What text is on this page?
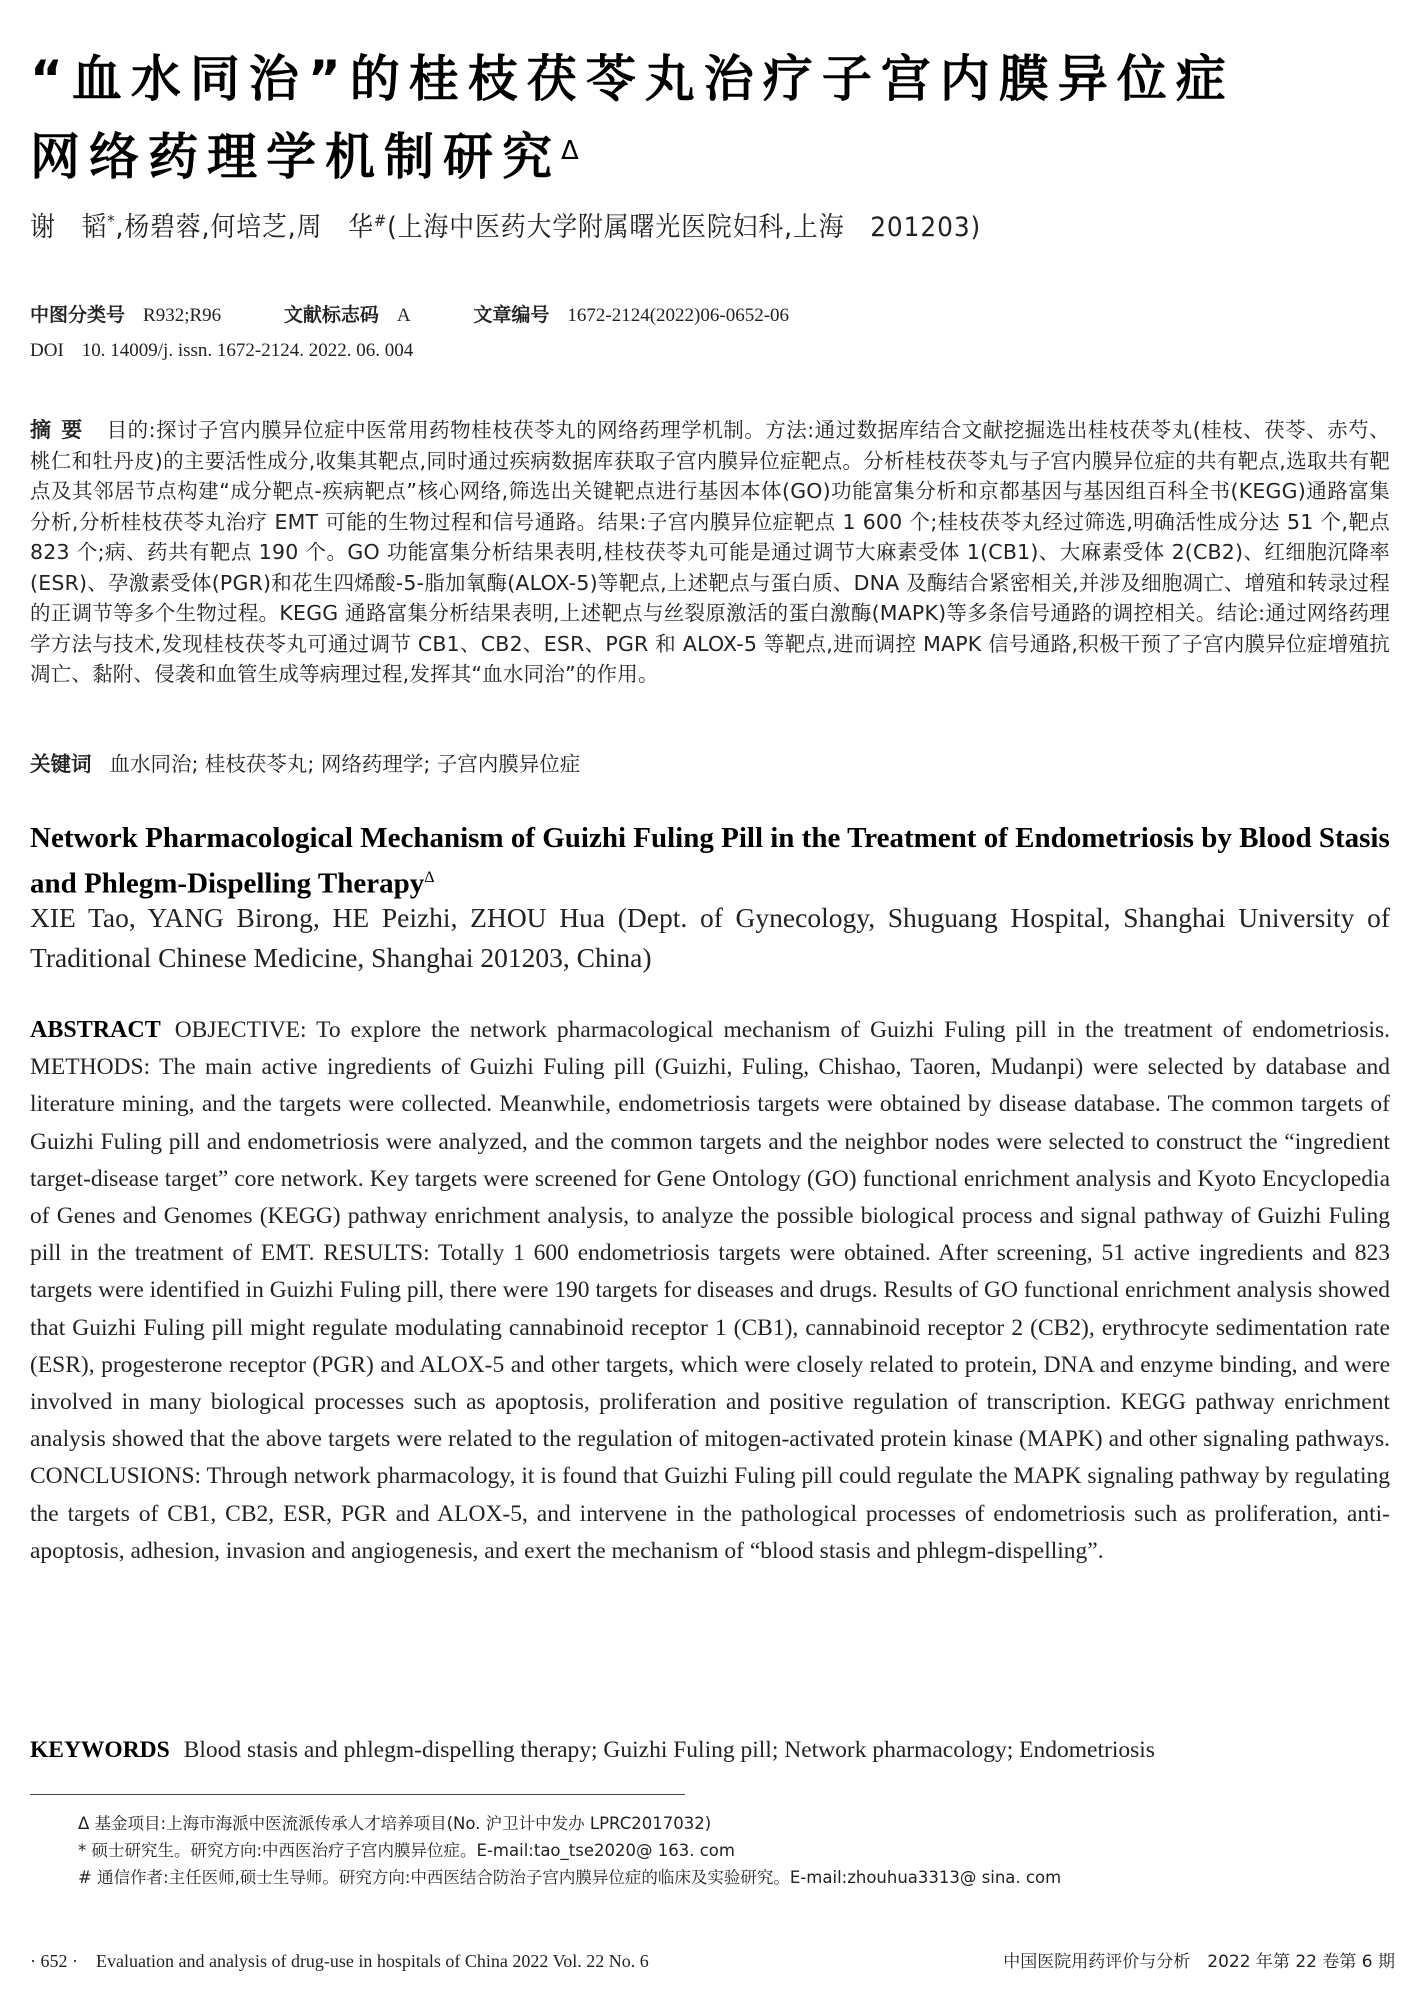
“血水同治”的桂枝茯苓丸治疗子宫内膜异位症
网络药理学机制研究$^\Delta$
谢　韬*,杨碧蓉,何培芝,周　华#(上海中医药大学附属曙光医院妇科,上海　201203)
中图分类号 R932;R96	文献标志码 A	文章编号 1672-2124(2022)06-0652-06
DOI 10. 14009/j. issn. 1672-2124. 2022. 06. 004
摘要 目的:探讨子宫内膜异位症中医常用药物桂枝茯苓丸的网络药理学机制。方法:通过数据库结合文献挖掘选出桂枝茯苓丸(桂枝、茯苓、赤芍、桃仁和牡丹皮)的主要活性成分,收集其靶点,同时通过疾病数据库获取子宫内膜异位症靶点。分析桂枝茯苓丸与子宫内膜异位症的共有靶点,选取共有靶点及其邻居节点构建“成分靶点-疾病靶点”核心网络,筛选出关键靶点进行基因本体(GO)功能富集分析和京都基因与基因组百科全书(KEGG)通路富集分析,分析桂枝茯苓丸治疗 EMT 可能的生物过程和信号通路。结果:子宫内膜异位症靶点 1 600 个;桂枝茯苓丸经过筛选,明确活性成分达 51 个,靶点 823 个;病、药共有靶点 190 个。GO 功能富集分析结果表明,桂枝茯苓丸可能是通过调节大麻素受体 1(CB1)、大麻素受体 2(CB2)、红细胞沉降率(ESR)、孕激素受体(PGR)和花生四烯酸-5-脂加氧酶(ALOX-5)等靶点,上述靶点与蛋白质、DNA 及酶结合紧密相关,并涉及细胞凋亡、增殖和转录过程的正调节等多个生物过程。KEGG 通路富集分析结果表明,上述靶点与丝裂原激活的蛋白激酶(MAPK)等多条信号通路的调控相关。结论:通过网络药理学方法与技术,发现桂枝茯苓丸可通过调节 CB1、CB2、ESR、PGR 和 ALOX-5 等靶点,进而调控 MAPK 信号通路,积极干预了子宫内膜异位症增殖抗凋亡、黏附、侵袭和血管生成等病理过程,发挥其“血水同治”的作用。
关键词 血水同治; 桂枝茯苓丸; 网络药理学; 子宫内膜异位症
Network Pharmacological Mechanism of Guizhi Fuling Pill in the Treatment of Endometriosis by Blood Stasis and Phlegm-Dispelling Therapy$^\Delta$
XIE Tao, YANG Birong, HE Peizhi, ZHOU Hua (Dept. of Gynecology, Shuguang Hospital, Shanghai University of Traditional Chinese Medicine, Shanghai 201203, China)
ABSTRACT OBJECTIVE: To explore the network pharmacological mechanism of Guizhi Fuling pill in the treatment of endometriosis. METHODS: The main active ingredients of Guizhi Fuling pill (Guizhi, Fuling, Chishao, Taoren, Mudanpi) were selected by database and literature mining, and the targets were collected. Meanwhile, endometriosis targets were obtained by disease database. The common targets of Guizhi Fuling pill and endometriosis were analyzed, and the common targets and the neighbor nodes were selected to construct the “ingredient target-disease target” core network. Key targets were screened for Gene Ontology (GO) functional enrichment analysis and Kyoto Encyclopedia of Genes and Genomes (KEGG) pathway enrichment analysis, to analyze the possible biological process and signal pathway of Guizhi Fuling pill in the treatment of EMT. RESULTS: Totally 1 600 endometriosis targets were obtained. After screening, 51 active ingredients and 823 targets were identified in Guizhi Fuling pill, there were 190 targets for diseases and drugs. Results of GO functional enrichment analysis showed that Guizhi Fuling pill might regulate modulating cannabinoid receptor 1 (CB1), cannabinoid receptor 2 (CB2), erythrocyte sedimentation rate (ESR), progesterone receptor (PGR) and ALOX-5 and other targets, which were closely related to protein, DNA and enzyme binding, and were involved in many biological processes such as apoptosis, proliferation and positive regulation of transcription. KEGG pathway enrichment analysis showed that the above targets were related to the regulation of mitogen-activated protein kinase (MAPK) and other signaling pathways. CONCLUSIONS: Through network pharmacology, it is found that Guizhi Fuling pill could regulate the MAPK signaling pathway by regulating the targets of CB1, CB2, ESR, PGR and ALOX-5, and intervene in the pathological processes of endometriosis such as proliferation, anti-apoptosis, adhesion, invasion and angiogenesis, and exert the mechanism of “blood stasis and phlegm-dispelling”.
KEYWORDS Blood stasis and phlegm-dispelling therapy; Guizhi Fuling pill; Network pharmacology; Endometriosis
Δ 基金项目:上海市海派中医流派传承人才培养项目(No. 沪卫计中发办 LPRC2017032)
* 硕士研究生。研究方向:中西医治疗子宫内膜异位症。E-mail:tao_tse2020@ 163. com
# 通信作者:主任医师,硕士生导师。研究方向:中西医结合防治子宫内膜异位症的临床及实验研究。E-mail:zhouhua3313@ sina. com
· 652 ·　Evaluation and analysis of drug-use in hospitals of China 2022 Vol. 22 No. 6	中国医院用药评价与分析　2022 年第 22 卷第 6 期
